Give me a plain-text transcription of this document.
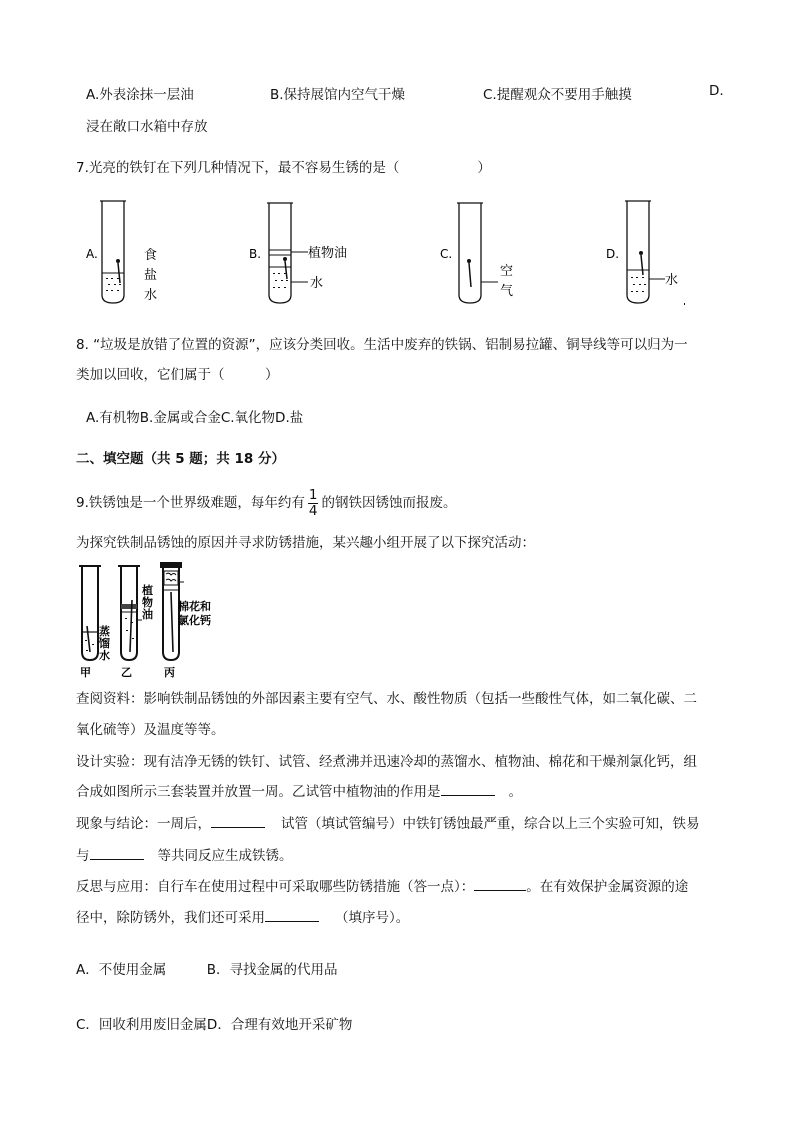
A.外表涂抹一层油	B.保持展馆内空气干燥	C.提醒观众不要用手触摸	D.
浸在敞口水箱中存放
7.光亮的铁钉在下列几种情况下，最不容易生锈的是（	）
A.	食
盐
水
B.	植物油
水
C.
空
气
D.
水
8. “垃圾是放错了位置的资源”，应该分类回收。生活中废弃的铁锅、铝制易拉罐、铜导线等可以归为一
类加以回收，它们属于（　　　）
A.有机物B.金属或合金C.氧化物D.盐
二、填空题（共 5 题；共 18 分）
9.铁锈蚀是一个世界级难题，每年约有 $\frac{1}{4}$ 的钢铁因锈蚀而报废。
为探究铁制品锈蚀的原因并寻求防锈措施，某兴趣小组开展了以下探究活动：
蒸
馏
水
甲
植
物
油
乙
棉花和
氯化钙
丙
查阅资料：影响铁制品锈蚀的外部因素主要有空气、水、酸性物质（包括一些酸性气体，如二氧化碳、二
氧化硫等）及温度等等。
设计实验：现有洁净无锈的铁钉、试管、经煮沸并迅速冷却的蒸馏水、植物油、棉花和干燥剂氯化钙，组
合成如图所示三套装置并放置一周。乙试管中植物油的作用是	。
现象与结论：一周后，	试管（填试管编号）中铁钉锈蚀最严重，综合以上三个实验可知，铁易
与	等共同反应生成铁锈。
反思与应用：自行车在使用过程中可采取哪些防锈措施（答一点）：	。在有效保护金属资源的途
径中，除防锈外，我们还可采用	（填序号）。
A．不使用金属　　　B．寻找金属的代用品
C．回收利用废旧金属D．合理有效地开采矿物
